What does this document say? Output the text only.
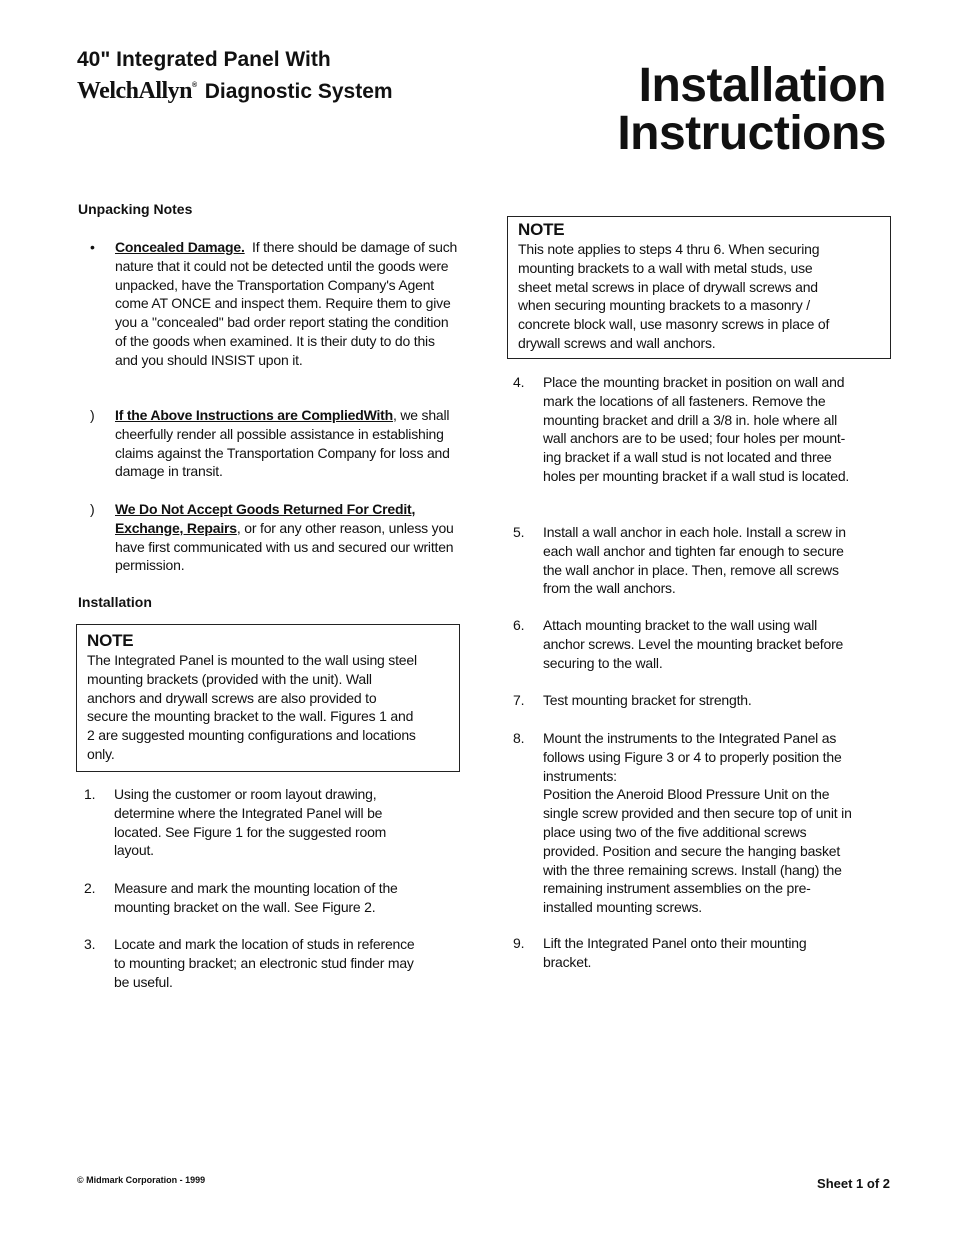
40" Integrated Panel With
WelchAllyn® Diagnostic System	Installation
Instructions
Unpacking Notes
•	Concealed Damage. If there should be damage of such nature that it could not be detected until the goods were unpacked, have the Transportation Company's Agent come AT ONCE and inspect them. Require them to give you a "concealed" bad order report stating the condition of the goods when examined. It is their duty to do this and you should INSIST upon it.
)	If the Above Instructions are CompliedWith, we shall cheerfully render all possible assistance in establishing claims against the Transportation Company for loss and damage in transit.
)	We Do Not Accept Goods Returned For Credit, Exchange, Repairs, or for any other reason, unless you have first communicated with us and secured our written permission.
Installation
NOTE
The Integrated Panel is mounted to the wall using steel mounting brackets (provided with the unit). Wall anchors and drywall screws are also provided to secure the mounting bracket to the wall. Figures 1 and 2 are suggested mounting configurations and locations only.
1. Using the customer or room layout drawing, determine where the Integrated Panel will be located. See Figure 1 for the suggested room layout.
2. Measure and mark the mounting location of the mounting bracket on the wall. See Figure 2.
3. Locate and mark the location of studs in reference to mounting bracket; an electronic stud finder may be useful.
NOTE
This note applies to steps 4 thru 6. When securing mounting brackets to a wall with metal studs, use sheet metal screws in place of drywall screws and when securing mounting brackets to a masonry / concrete block wall, use masonry screws in place of drywall screws and wall anchors.
4. Place the mounting bracket in position on wall and mark the locations of all fasteners. Remove the mounting bracket and drill a 3/8 in. hole where all wall anchors are to be used; four holes per mount- ing bracket if a wall stud is not located and three holes per mounting bracket if a wall stud is located.
5. Install a wall anchor in each hole. Install a screw in each wall anchor and tighten far enough to secure the wall anchor in place. Then, remove all screws from the wall anchors.
6. Attach mounting bracket to the wall using wall anchor screws. Level the mounting bracket before securing to the wall.
7. Test mounting bracket for strength.
8. Mount the instruments to the Integrated Panel as follows using Figure 3 or 4 to properly position the instruments:
Position the Aneroid Blood Pressure Unit on the single screw provided and then secure top of unit in place using two of the five additional screws provided. Position and secure the hanging basket with the three remaining screws. Install (hang) the remaining instrument assemblies on the pre- installed mounting screws.
9. Lift the Integrated Panel onto their mounting bracket.
© Midmark Corporation - 1999	Sheet 1 of 2
